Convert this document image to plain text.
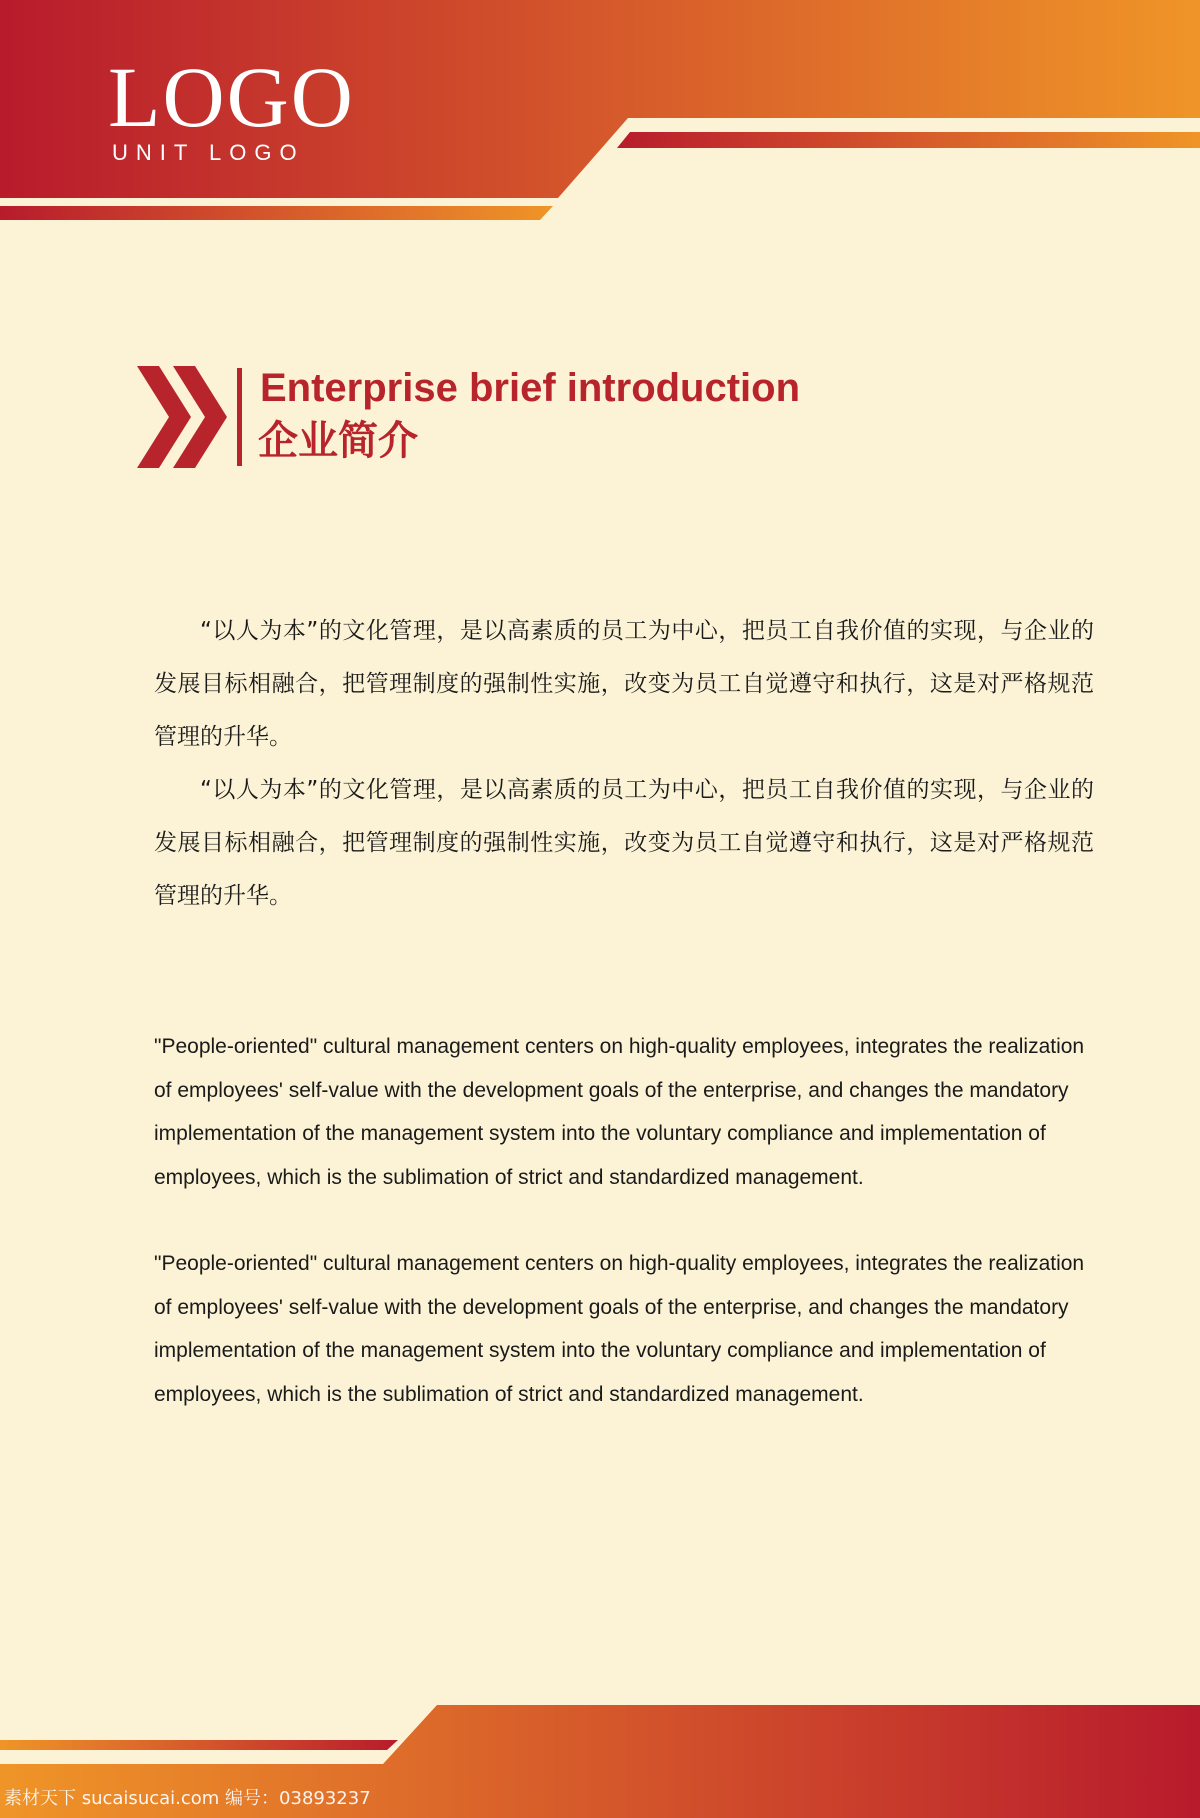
LOGO
UNIT LOGO
Enterprise brief introduction
企业简介

“以人为本”的文化管理，是以高素质的员工为中心，把员工自我价值的实现，与企业的发展目标相融合，把管理制度的强制性实施，改变为员工自觉遵守和执行，这是对严格规范管理的升华。

“以人为本”的文化管理，是以高素质的员工为中心，把员工自我价值的实现，与企业的发展目标相融合，把管理制度的强制性实施，改变为员工自觉遵守和执行，这是对严格规范管理的升华。

"People-oriented" cultural management centers on high-quality employees, integrates the realization of employees' self-value with the development goals of the enterprise, and changes the mandatory implementation of the management system into the voluntary compliance and implementation of employees, which is the sublimation of strict and standardized management.

"People-oriented" cultural management centers on high-quality employees, integrates the realization of employees' self-value with the development goals of the enterprise, and changes the mandatory implementation of the management system into the voluntary compliance and implementation of employees, which is the sublimation of strict and standardized management.

素材天下 sucaisucai.com 编号：03893237
